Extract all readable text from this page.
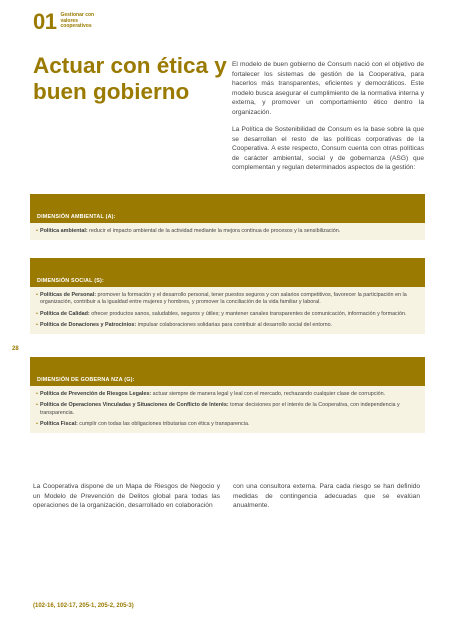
01 Gestionar con valores cooperativos
Actuar con ética y buen gobierno

El modelo de buen gobierno de Consum nació con el objetivo de fortalecer los sistemas de gestión de la Cooperativa, para hacerlos más transparentes, eficientes y democráticos. Este modelo busca asegurar el cumplimiento de la normativa interna y externa, y promover un comportamiento ético dentro la organización.

La Política de Sostenibilidad de Consum es la base sobre la que se desarrollan el resto de las políticas corporativas de la Cooperativa. A este respecto, Consum cuenta con otras políticas de carácter ambiental, social y de gobernanza (ASG) que complementan y regulan determinados aspectos de la gestión:

DIMENSIÓN AMBIENTAL (A):
• Política ambiental: reducir el impacto ambiental de la actividad mediante la mejora continua de procesos y la sensibilización.
DIMENSIÓN SOCIAL (S):
• Políticas de Personal: promover la formación y el desarrollo personal, tener puestos seguros y con salarios competitivos, favorecer la participación en la organización, contribuir a la igualdad entre mujeres y hombres, y promover la conciliación de la vida familiar y laboral.
• Política de Calidad: ofrecer productos sanos, saludables, seguros y útiles; y mantener canales transparentes de comunicación, información y formación.
• Política de Donaciones y Patrocinios: impulsar colaboraciones solidarias para contribuir al desarrollo social del entorno.
28
DIMENSIÓN DE GOBERNA NZA (G):
• Política de Prevención de Riesgos Legales: actuar siempre de manera legal y leal con el mercado, rechazando cualquier clase de corrupción.
• Política de Operaciones Vinculadas y Situaciones de Conflicto de Interés: tomar decisiones por el interés de la Cooperativa, con independencia y transparencia.
• Política Fiscal: cumplir con todas las obligaciones tributarias con ética y transparencia.

La Cooperativa dispone de un Mapa de Riesgos de Negocio y un Modelo de Prevención de Delitos global para todas las operaciones de la organización, desarrollado en colaboración

con una consultora externa. Para cada riesgo se han definido medidas de contingencia adecuadas que se evalúan anualmente.

(102-16, 102-17, 205-1, 205-2, 205-3)
